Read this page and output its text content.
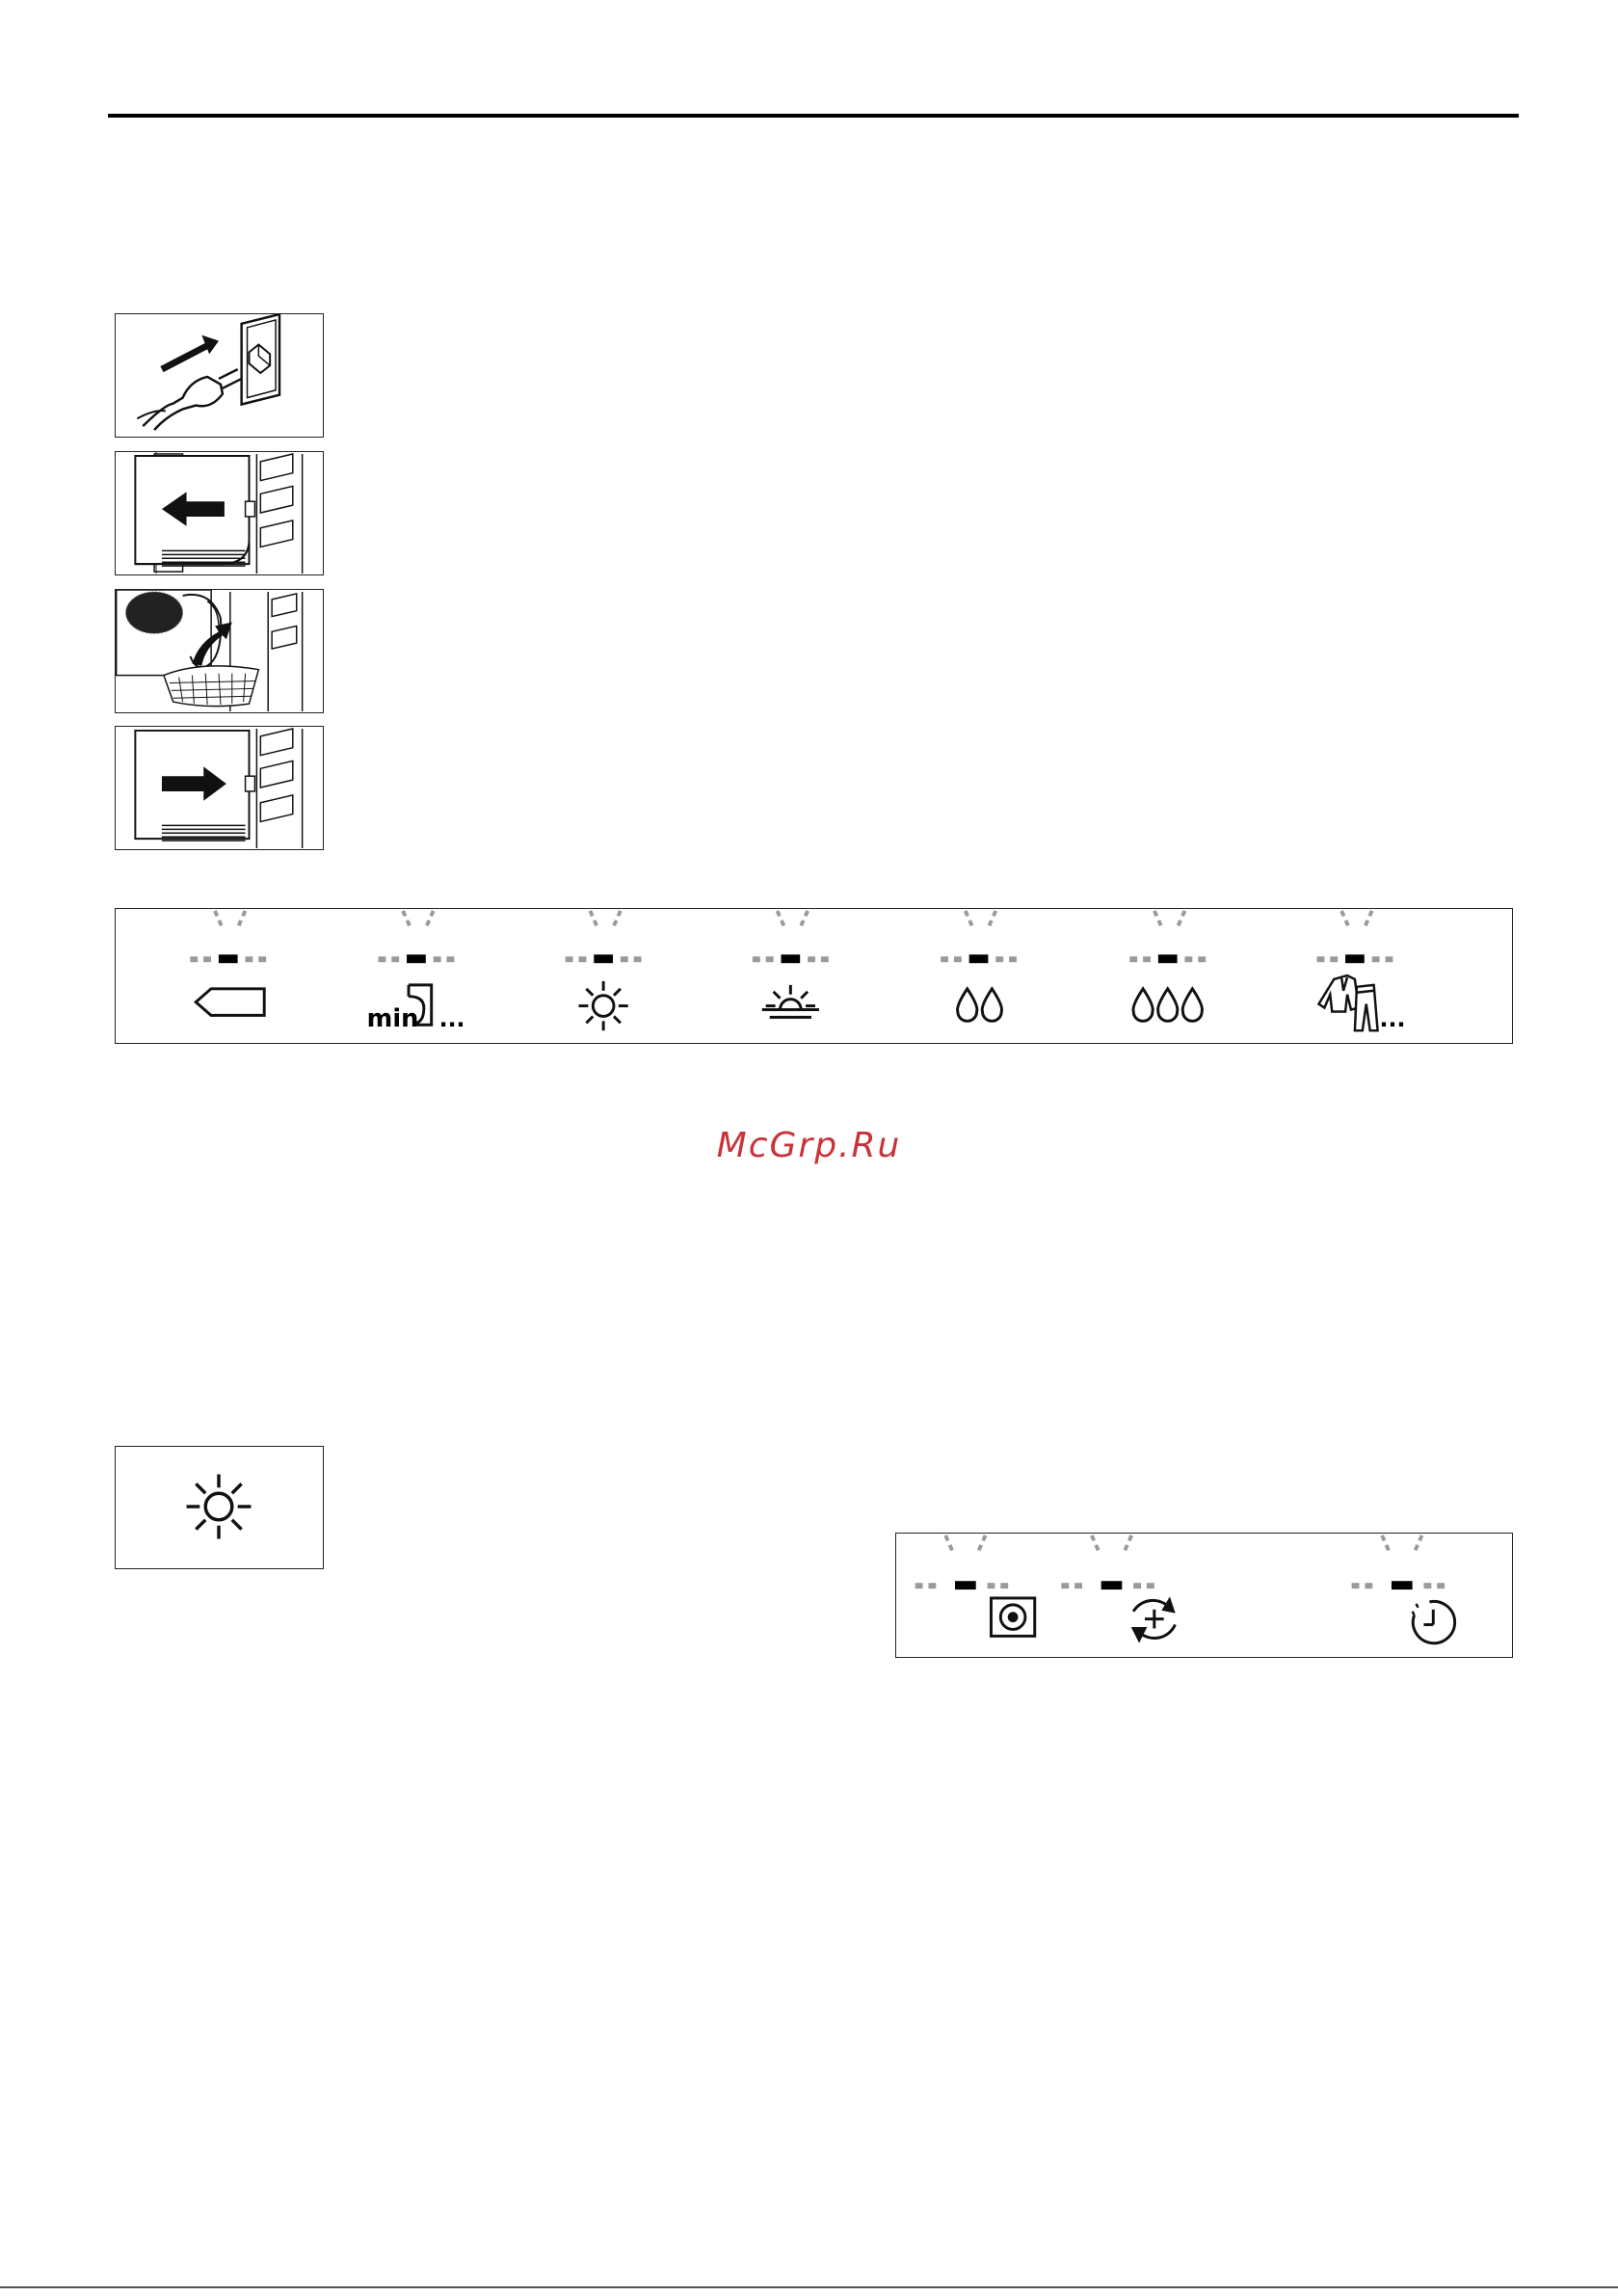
min ...	...
McGrp.Ru
